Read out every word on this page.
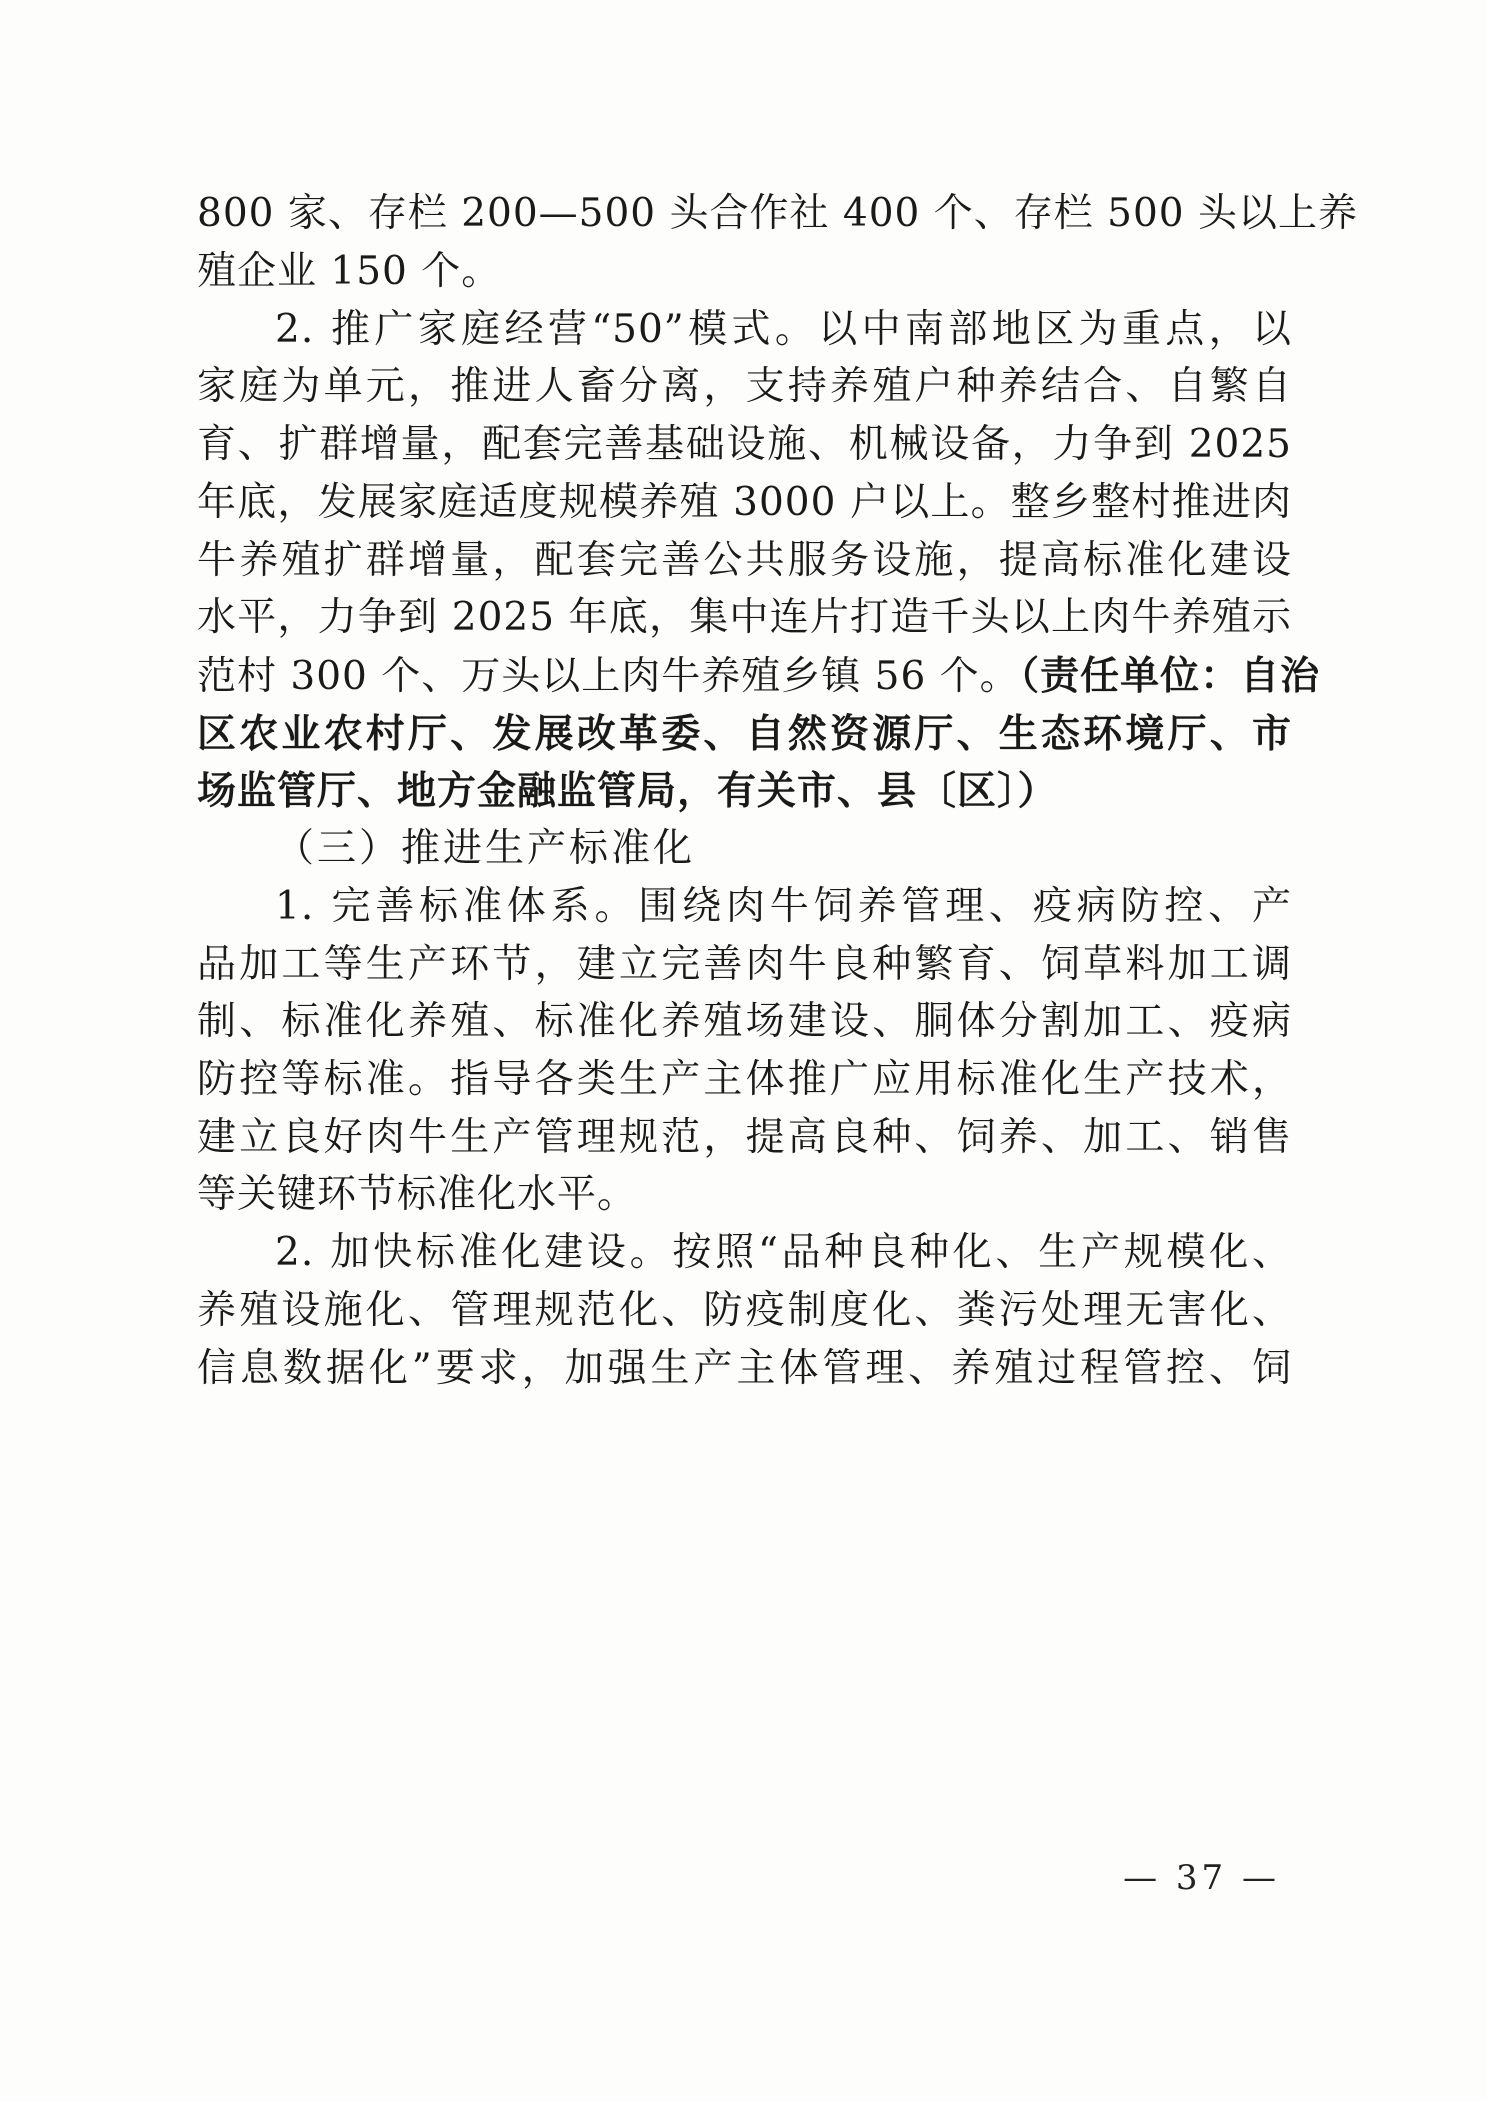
800 家、存栏 200—500 头合作社 400 个、存栏 500 头以上养
殖企业 150 个。
2. 推广家庭经营“50”模式。以中南部地区为重点，以
家庭为单元，推进人畜分离，支持养殖户种养结合、自繁自
育、扩群增量，配套完善基础设施、机械设备，力争到 2025
年底，发展家庭适度规模养殖 3000 户以上。整乡整村推进肉
牛养殖扩群增量，配套完善公共服务设施，提高标准化建设
水平，力争到 2025 年底，集中连片打造千头以上肉牛养殖示
范村 300 个、万头以上肉牛养殖乡镇 56 个。（责任单位：自治
区农业农村厅、发展改革委、自然资源厅、生态环境厅、市
场监管厅、地方金融监管局，有关市、县〔区〕）
（三）推进生产标准化
1. 完善标准体系。围绕肉牛饲养管理、疫病防控、产
品加工等生产环节，建立完善肉牛良种繁育、饲草料加工调
制、标准化养殖、标准化养殖场建设、胴体分割加工、疫病
防控等标准。指导各类生产主体推广应用标准化生产技术，
建立良好肉牛生产管理规范，提高良种、饲养、加工、销售
等关键环节标准化水平。
2. 加快标准化建设。按照“品种良种化、生产规模化、
养殖设施化、管理规范化、防疫制度化、粪污处理无害化、
信息数据化”要求，加强生产主体管理、养殖过程管控、饲
— 37 —
